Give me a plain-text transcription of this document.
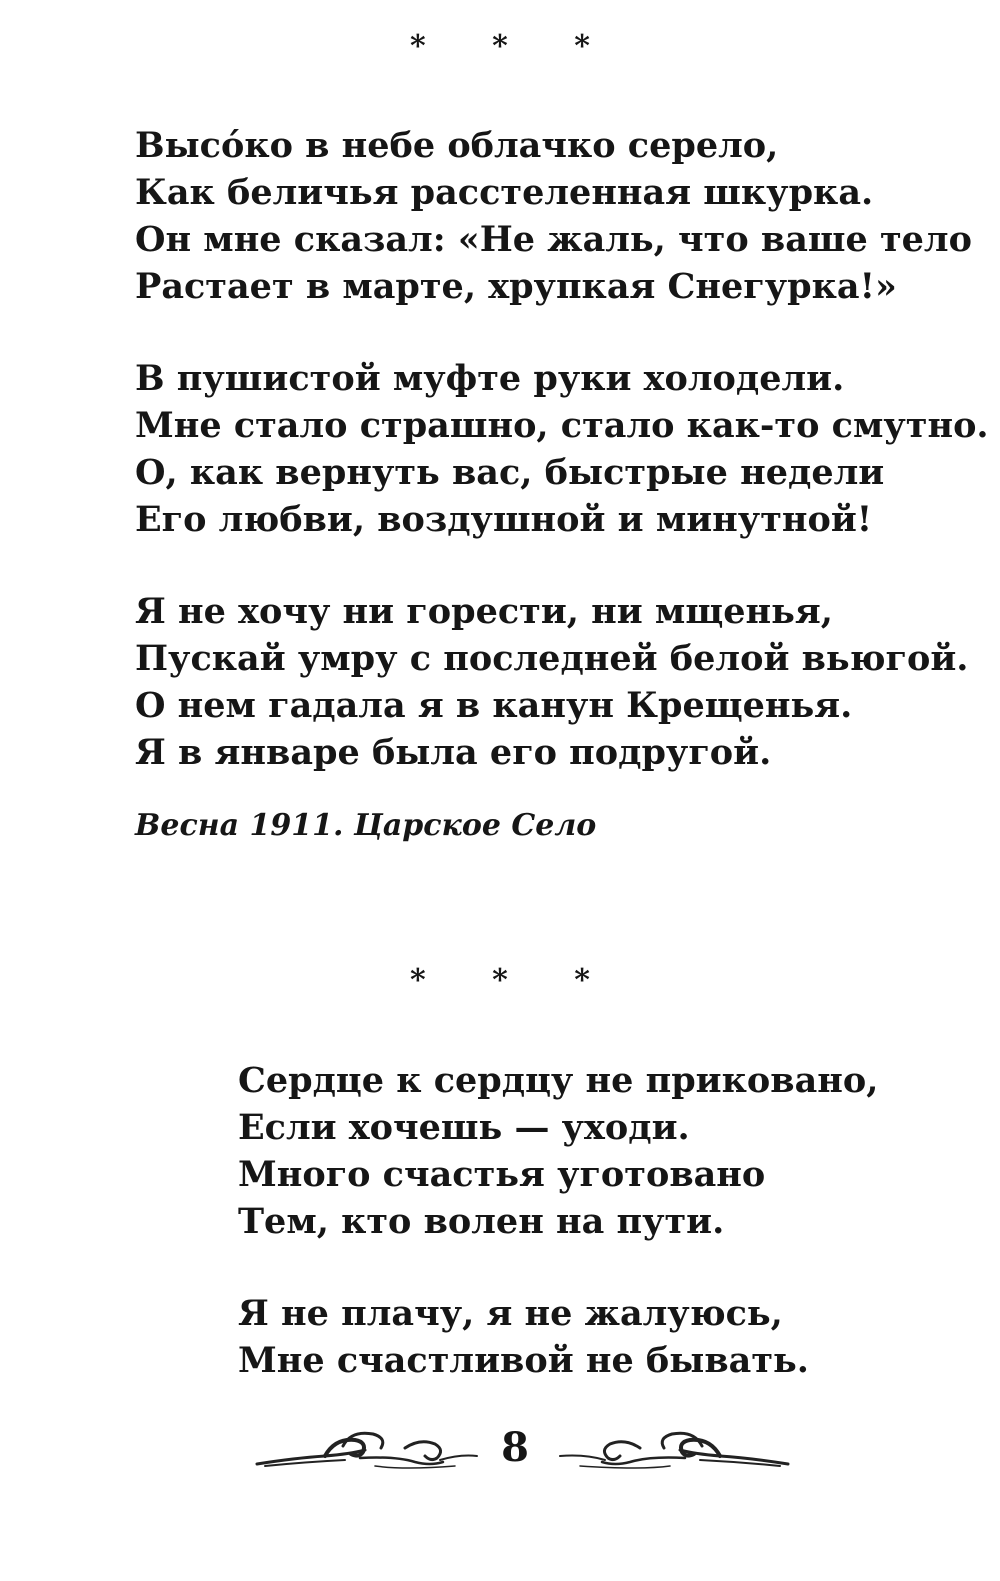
* * *
Высо́ко в небе облачко серело,
Как беличья расстеленная шкурка.
Он мне сказал: «Не жаль, что ваше тело
Растает в марте, хрупкая Снегурка!»
В пушистой муфте руки холодели.
Мне стало страшно, стало как-то смутно.
О, как вернуть вас, быстрые недели
Его любви, воздушной и минутной!
Я не хочу ни горести, ни мщенья,
Пускай умру с последней белой вьюгой.
О нем гадала я в канун Крещенья.
Я в январе была его подругой.
Весна 1911. Царское Село
* * *
Сердце к сердцу не приковано,
Если хочешь — уходи.
Много счастья уготовано
Тем, кто волен на пути.
Я не плачу, я не жалуюсь,
Мне счастливой не бывать.
8
